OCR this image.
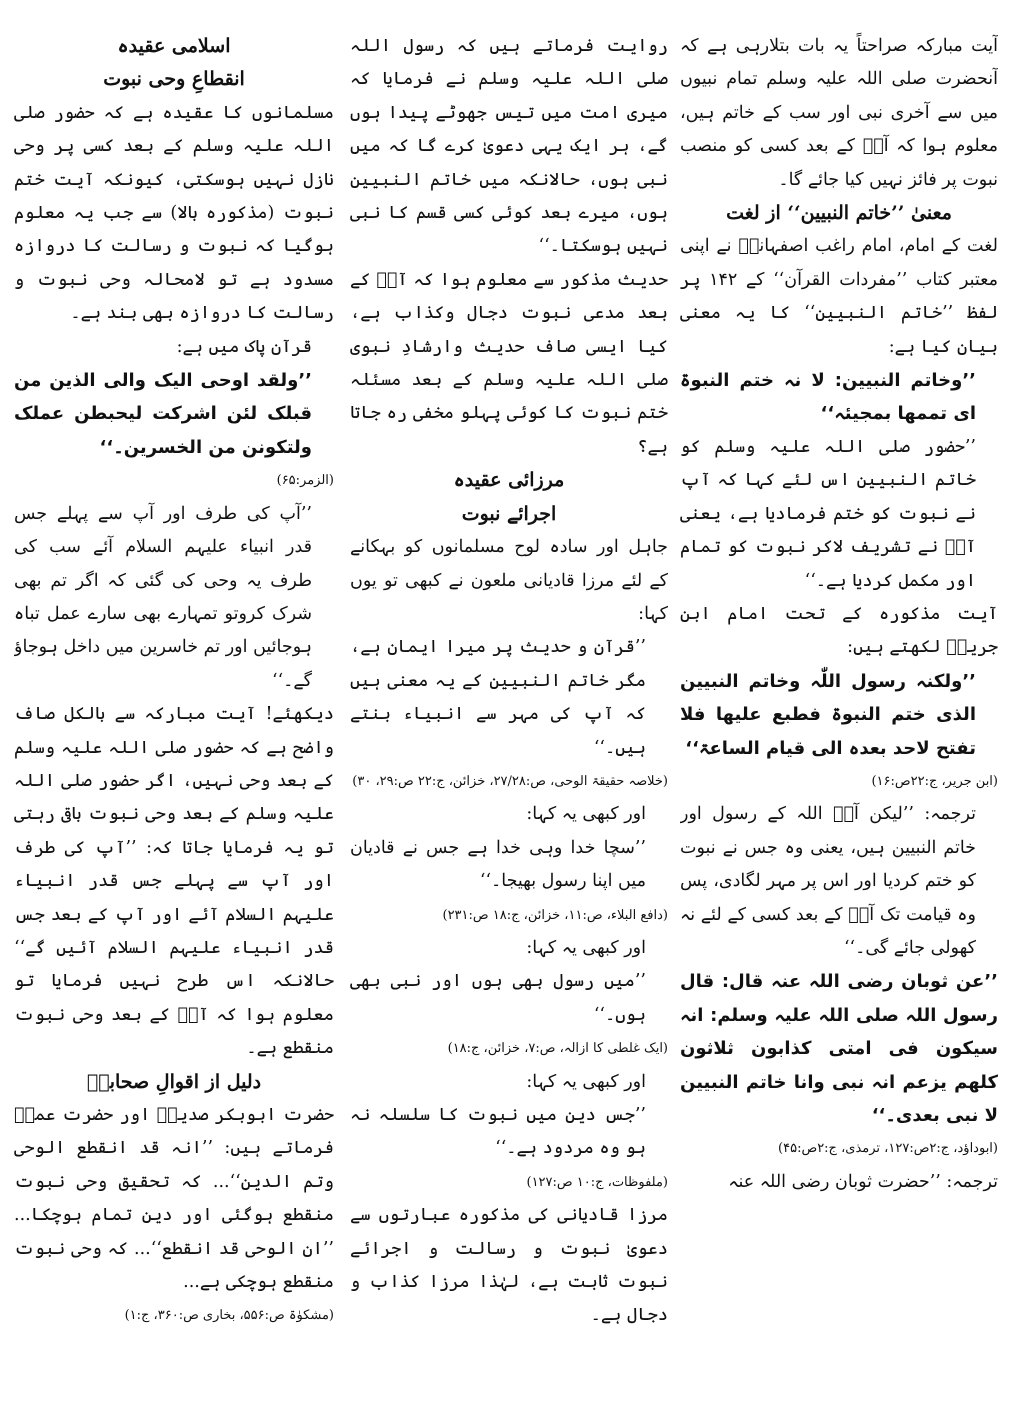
آیت مبارکہ صراحتاً یہ بات بتلارہی ہے کہ آنحضرت صلی اللہ علیہ وسلم تمام نبیوں میں سے آخری نبی اور سب کے خاتم ہیں، معلوم ہوا کہ آپؐ کے بعد کسی کو منصب نبوت پر فائز نہیں کیا جائے گا۔

معنیٰ ’’خاتم النبیین‘‘ از لغت

لغت کے امام، امام راغب اصفہانیؒ نے اپنی معتبر کتاب ’’مفردات القرآن‘‘ کے ۱۴۲ پر لفظ ’’خاتم النبیین‘‘ کا یہ معنی بیان کیا ہے:

’’وخاتم النبیین: لا نہ ختم النبوۃ ای تممھا بمجیئہ‘‘

’’حضور صلی اللہ علیہ وسلم کو خاتم النبیین اس لئے کہا کہ آپ نے نبوت کو ختم فرمادیا ہے، یعنی آپؐ نے تشریف لاکر نبوت کو تمام اور مکمل کردیا ہے۔‘‘

آیت مذکورہ کے تحت امام ابن جریرؒ لکھتے ہیں:

’’ولکنہ رسول اللّٰہ وخاتم النبیین الذی ختم النبوۃ فطبع علیھا فلا تفتح لاحد بعدہ الی قیام الساعۃ‘‘

(ابن جریر، ج:۲۲ص:۱۶)

ترجمہ: ’’لیکن آپؐ اللہ کے رسول اور خاتم النبیین ہیں، یعنی وہ جس نے نبوت کو ختم کردیا اور اس پر مہر لگادی، پس وہ قیامت تک آپؐ کے بعد کسی کے لئے نہ کھولی جائے گی۔‘‘

’’عن ثوبان رضی اللہ عنہ قال: قال رسول اللہ صلی اللہ علیہ وسلم: انہ سیکون فی امتی کذابون ثلاثون کلھم یزعم انہ نبی وانا خاتم النبیین لا نبی بعدی۔‘‘

(ابوداؤد، ج:۲ص:۱۲۷، ترمذی، ج:۲ص:۴۵)

ترجمہ: ’’حضرت ثوبان رضی اللہ عنہ

روایت فرماتے ہیں کہ رسول اللہ صلی اللہ علیہ وسلم نے فرمایا کہ میری امت میں تیس جھوٹے پیدا ہوں گے، ہر ایک یہی دعویٰ کرے گا کہ میں نبی ہوں، حالانکہ میں خاتم النبیین ہوں، میرے بعد کوئی کسی قسم کا نبی نہیں ہوسکتا۔‘‘

حدیث مذکور سے معلوم ہوا کہ آپؐ کے بعد مدعی نبوت دجال وکذاب ہے، کیا ایسی صاف حدیث وارشادِ نبوی صلی اللہ علیہ وسلم کے بعد مسئلہ ختم نبوت کا کوئی پہلو مخفی رہ جاتا ہے؟

مرزائی عقیدہ

اجرائے نبوت

جاہل اور سادہ لوح مسلمانوں کو بہکانے کے لئے مرزا قادیانی ملعون نے کبھی تو یوں کہا:

’’قرآن و حدیث پر میرا ایمان ہے، مگر خاتم النبیین کے یہ معنی ہیں کہ آپ کی مہر سے انبیاء بنتے ہیں۔‘‘

(خلاصہ حقیقۃ الوحی، ص:۲۷/۲۸، خزائن، ج:۲۲ ص:۲۹، ۳۰)

اور کبھی یہ کہا:

’’سچا خدا وہی خدا ہے جس نے قادیان میں اپنا رسول بھیجا۔‘‘

(دافع البلاء، ص:۱۱، خزائن، ج:۱۸ ص:۲۳۱)

اور کبھی یہ کہا:

’’میں رسول بھی ہوں اور نبی بھی ہوں۔‘‘

(ایک غلطی کا ازالہ، ص:۷، خزائن، ج:۱۸)

اور کبھی یہ کہا:

’’جس دین میں نبوت کا سلسلہ نہ ہو وہ مردود ہے۔‘‘

(ملفوظات، ج:۱۰ ص:۱۲۷)

مرزا قادیانی کی مذکورہ عبارتوں سے دعویٰ نبوت و رسالت و اجرائے نبوت ثابت ہے، لہٰذا مرزا کذاب و دجال ہے۔

اسلامی عقیدہ

انقطاعِ وحی نبوت

مسلمانوں کا عقیدہ ہے کہ حضور صلی اللہ علیہ وسلم کے بعد کسی پر وحی نازل نہیں ہوسکتی، کیونکہ آیت ختم نبوت (مذکورہ بالا) سے جب یہ معلوم ہوگیا کہ نبوت و رسالت کا دروازہ مسدود ہے تو لامحالہ وحی نبوت و رسالت کا دروازہ بھی بند ہے۔

قرآن پاک میں ہے:

’’ولقد اوحی الیک والی الذین من قبلک لئن اشرکت لیحبطن عملک ولتکونن من الخسرین۔‘‘

(الزمر:۶۵)

’’آپ کی طرف اور آپ سے پہلے جس قدر انبیاء علیہم السلام آئے سب کی طرف یہ وحی کی گئی کہ اگر تم بھی شرک کروتو تمہارے بھی سارے عمل تباہ ہوجائیں اور تم خاسرین میں داخل ہوجاؤ گے۔‘‘

دیکھئے! آیت مبارکہ سے بالکل صاف واضح ہے کہ حضور صلی اللہ علیہ وسلم کے بعد وحی نہیں، اگر حضور صلی اللہ علیہ وسلم کے بعد وحی نبوت باقی رہتی تو یہ فرمایا جاتا کہ: ’’آپ کی طرف اور آپ سے پہلے جس قدر انبیاء علیہم السلام آئے اور آپ کے بعد جس قدر انبیاء علیہم السلام آئیں گے‘‘ حالانکہ اس طرح نہیں فرمایا تو معلوم ہوا کہ آپؐ کے بعد وحی نبوت منقطع ہے۔

دلیل از اقوالِ صحابہؓ

حضرت ابوبکر صدیقؓ اور حضرت عمرؓ فرماتے ہیں: ’’انہ قد انقطع الوحی وتم الدین‘‘... کہ تحقیق وحی نبوت منقطع ہوگئی اور دین تمام ہوچکا... ’’ان الوحی قد انقطع‘‘... کہ وحی نبوت منقطع ہوچکی ہے...

(مشکوٰۃ ص:۵۵۶، بخاری ص:۳۶۰، ج:۱)
